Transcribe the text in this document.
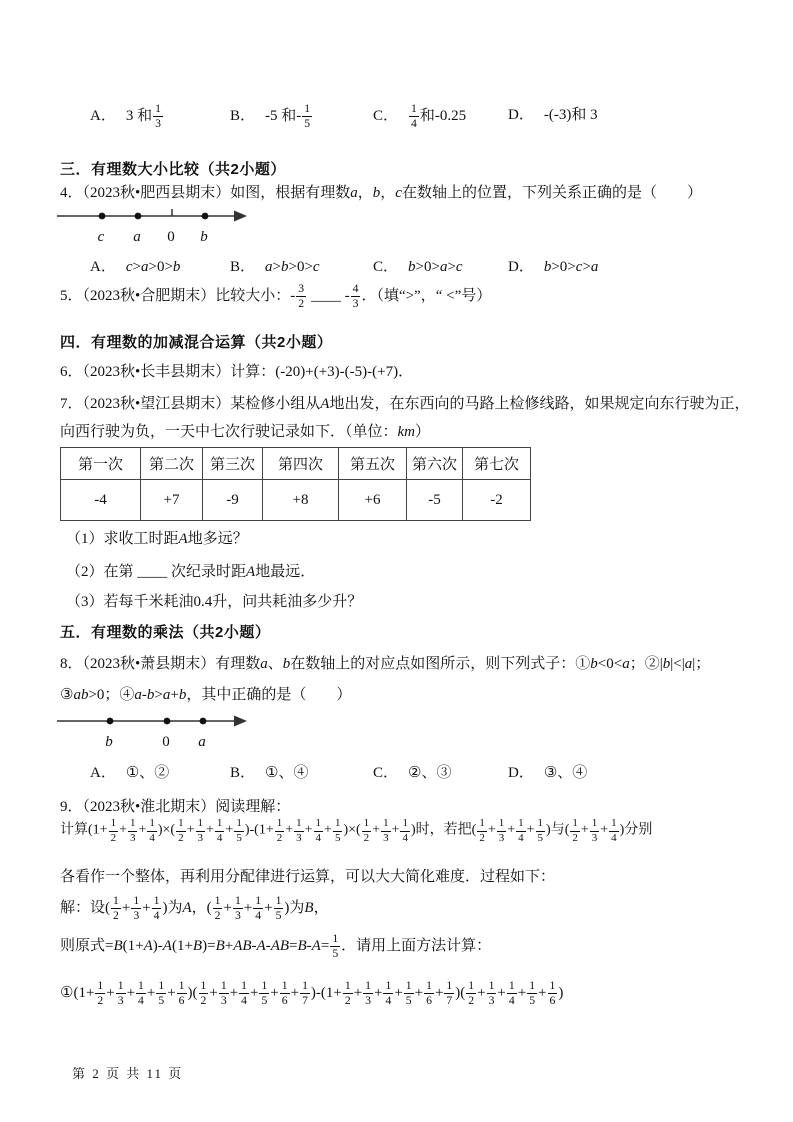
A． 3 和 $\frac{1}{3}$	B． -5 和- $\frac{1}{5}$	C． $\frac{1}{4}$ 和-0.25	D． -(-3)和 3
三．有理数大小比较（共2小题）
4．（2023秋•肥西县期末）如图，根据有理数a，b，c在数轴上的位置，下列关系正确的是（　　）
c a 0 b
A． c>a>0>b	B． a>b>0>c	C． b>0>a>c	D． b>0>c>a
5．（2023秋•合肥期末）比较大小：- $\frac{3}{2}$ ____ - $\frac{4}{3}$ ．（填“>”，“ <”号）
四．有理数的加减混合运算（共2小题）
6．（2023秋•长丰县期末）计算：(-20)+(+3)-(-5)-(+7)．
7．（2023秋•望江县期末）某检修小组从A地出发，在东西向的马路上检修线路，如果规定向东行驶为正，
向西行驶为负，一天中七次行驶记录如下．（单位：km）
第一次	第二次	第三次	第四次	第五次	第六次	第七次
-4	+7	-9	+8	+6	-5	-2
（1）求收工时距A地多远？
（2）在第 ____ 次纪录时距A地最远．
（3）若每千米耗油0.4升，问共耗油多少升？
五．有理数的乘法（共2小题）
8．（2023秋•萧县期末）有理数a、b在数轴上的对应点如图所示，则下列式子：①b<0<a；②|b|<|a|；
③ab>0；④a-b>a+b，其中正确的是（　　）
b	0 a
A． ①、②	B． ①、④	C． ②、③	D． ③、④
9．（2023秋•淮北期末）阅读理解：
计算($1+ \frac{1}{2} + \frac{1}{3} + \frac{1}{4}$ )×( $\frac{1}{2} + \frac{1}{3} + \frac{1}{4} + \frac{1}{5} )-(1+ \frac{1}{2} + \frac{1}{3} + \frac{1}{4} + \frac{1}{5}$ )×( $\frac{1}{2} + \frac{1}{3} + \frac{1}{4}$ )时，若把( $\frac{1}{2} + \frac{1}{3} + \frac{1}{4} + \frac{1}{5}$ )与( $\frac{1}{2} + \frac{1}{3} + \frac{1}{4}$ )分别
各看作一个整体，再利用分配律进行运算，可以大大简化难度．过程如下：
解：设( $\frac{1}{2} + \frac{1}{3} + \frac{1}{4}$ )为A，( $\frac{1}{2} + \frac{1}{3} + \frac{1}{4} + \frac{1}{5}$ )为B，
则原式$=B(1+A)-A(1+B)=B+AB-A-AB=B-A= \frac{1}{5}$ ．请用上面方法计算：
①(1+ $\frac{1}{2} + \frac{1}{3} + \frac{1}{4} + \frac{1}{5} + \frac{1}{6}$ )( $\frac{1}{2} + \frac{1}{3} + \frac{1}{4} + \frac{1}{5} + \frac{1}{6} + \frac{1}{7} )-(1+ \frac{1}{2} + \frac{1}{3} + \frac{1}{4} + \frac{1}{5} + \frac{1}{6} + \frac{1}{7}$ )( $\frac{1}{2} + \frac{1}{3} + \frac{1}{4} + \frac{1}{5} + \frac{1}{6}$ )
第 2 页 共 11 页
